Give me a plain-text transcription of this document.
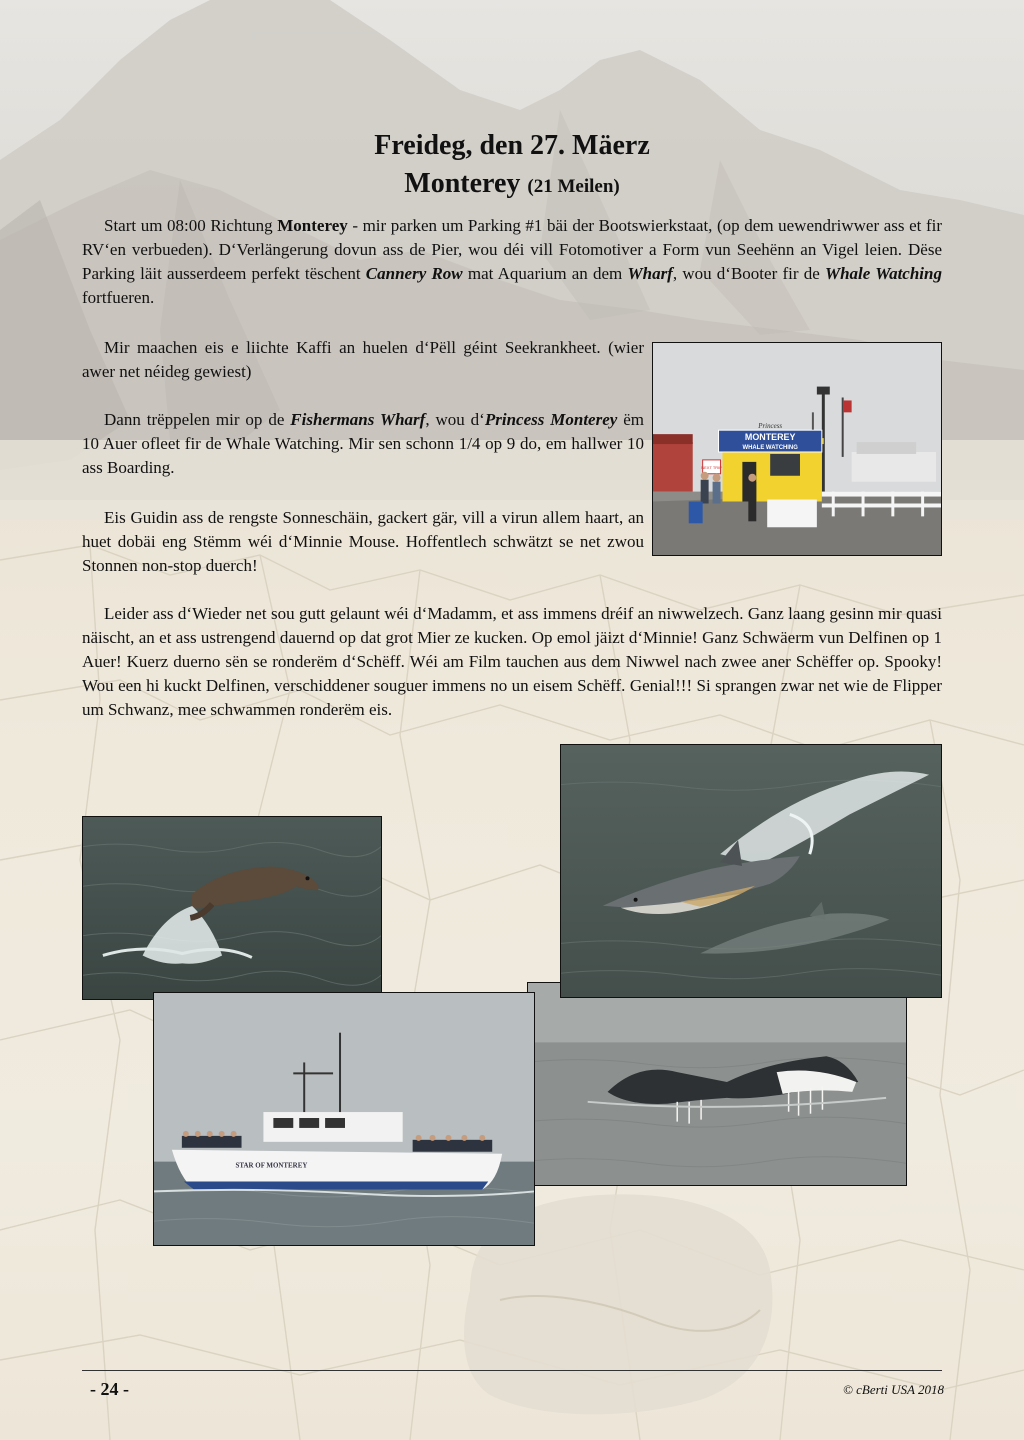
Freideg, den 27. Mäerz
Monterey (21 Meilen)

Start um 08:00 Richtung Monterey - mir parken um Parking #1 bäi der Bootswierkstaat, (op dem uewendriwwer ass et fir RV‘en verbueden). D‘Verlängerung dovun ass de Pier, wou déi vill Fotomotiver a Form vun Seehënn an Vigel leien. Dëse Parking läit ausserdeem perfekt tëschent Cannery Row mat Aquarium an dem Wharf, wou d‘Booter fir de Whale Watching fortfueren.

Mir maachen eis e liichte Kaffi an huelen d‘Pëll géint Seekrankheet. (wier awer net néideg gewiest)

Dann trëppelen mir op de Fishermans Wharf, wou d‘Princess Monterey ëm 10 Auer ofleet fir de Whale Watching. Mir sen schonn 1/4 op 9 do, em hallwer 10 ass Boarding.

Eis Guidin ass de rengste Sonneschäin, gackert gär, vill a virun allem haart, an huet dobäi eng Stëmm wéi d‘Minnie Mouse. Hoffentlech schwätzt se net zwou Stonnen non-stop duerch!

Leider ass d‘Wieder net sou gutt gelaunt wéi d‘Madamm, et ass immens dréif an niwwelzech. Ganz laang gesinn mir quasi näischt, an et ass ustrengend dauernd op dat grot Mier ze kucken. Op emol jäizt d‘Minnie! Ganz Schwäerm vun Delfinen op 1 Auer! Kuerz duerno sën se ronderëm d‘Schëff. Wéi am Film tauchen aus dem Niwwel nach zwee aner Schëffer op. Spooky! Wou een hi kuckt Delfinen, verschiddener souguer immens no un eisem Schëff. Genial!!! Si sprangen zwar net wie de Flipper um Schwanz, mee schwammen ronderëm eis.

Princess
MONTEREY
WHALE WATCHING
NEXT TRIP
STAR OF MONTEREY
- 24 -	© cBerti USA 2018
